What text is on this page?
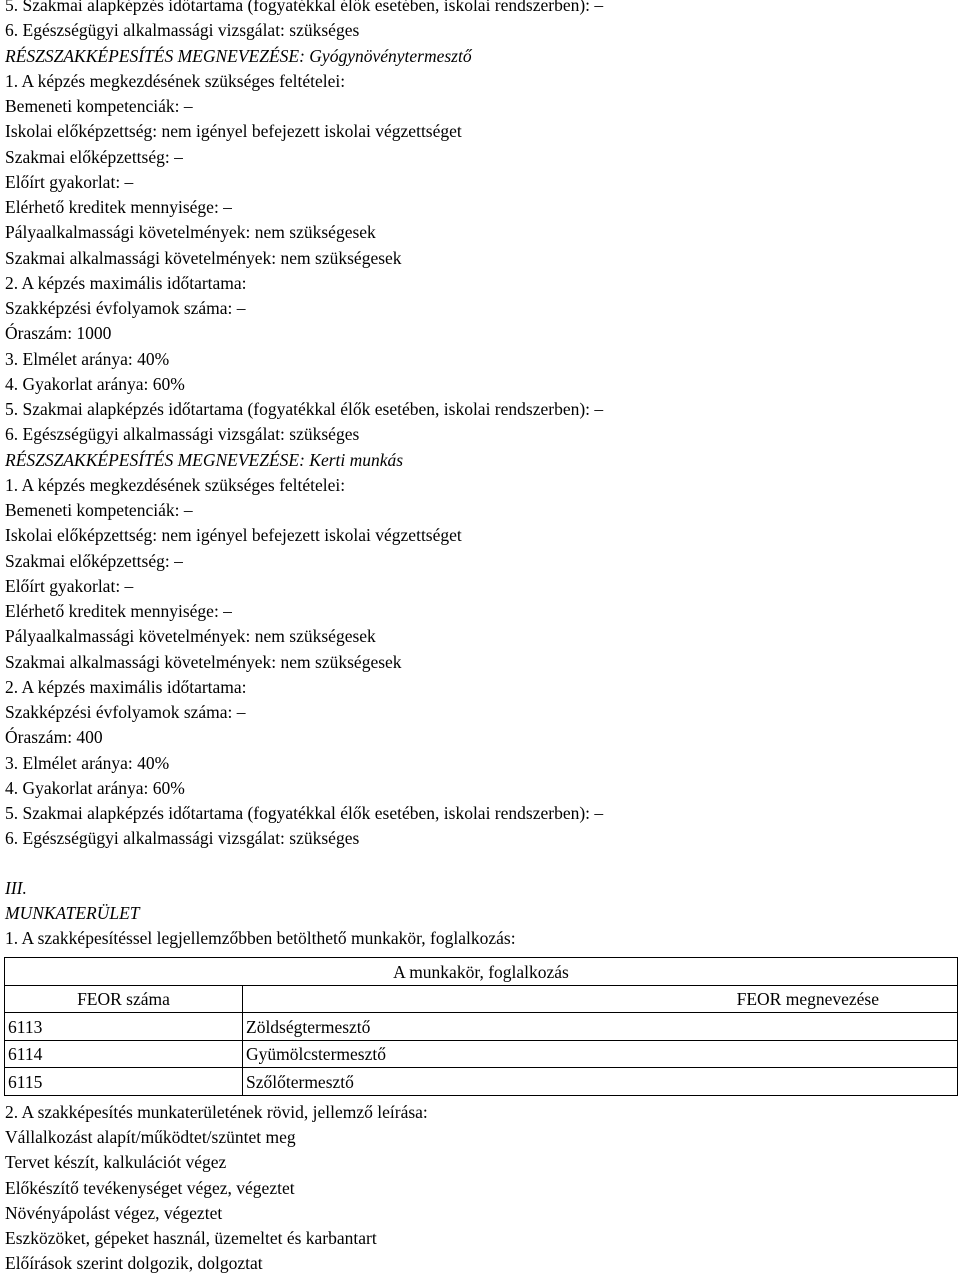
5. Szakmai alapképzés időtartama (fogyatékkal élők esetében, iskolai rendszerben): –
6. Egészségügyi alkalmassági vizsgálat: szükséges
RÉSZSZAKKÉPESÍTÉS MEGNEVEZÉSE: Gyógynövénytermesztő
1. A képzés megkezdésének szükséges feltételei:
Bemeneti kompetenciák: –
Iskolai előképzettség: nem igényel befejezett iskolai végzettséget
Szakmai előképzettség: –
Előírt gyakorlat: –
Elérhető kreditek mennyisége: –
Pályaalkalmassági követelmények: nem szükségesek
Szakmai alkalmassági követelmények: nem szükségesek
2. A képzés maximális időtartama:
Szakképzési évfolyamok száma: –
Óraszám: 1000
3. Elmélet aránya: 40%
4. Gyakorlat aránya: 60%
5. Szakmai alapképzés időtartama (fogyatékkal élők esetében, iskolai rendszerben): –
6. Egészségügyi alkalmassági vizsgálat: szükséges
RÉSZSZAKKÉPESÍTÉS MEGNEVEZÉSE: Kerti munkás
1. A képzés megkezdésének szükséges feltételei:
Bemeneti kompetenciák: –
Iskolai előképzettség: nem igényel befejezett iskolai végzettséget
Szakmai előképzettség: –
Előírt gyakorlat: –
Elérhető kreditek mennyisége: –
Pályaalkalmassági követelmények: nem szükségesek
Szakmai alkalmassági követelmények: nem szükségesek
2. A képzés maximális időtartama:
Szakképzési évfolyamok száma: –
Óraszám: 400
3. Elmélet aránya: 40%
4. Gyakorlat aránya: 60%
5. Szakmai alapképzés időtartama (fogyatékkal élők esetében, iskolai rendszerben): –
6. Egészségügyi alkalmassági vizsgálat: szükséges
III.
MUNKATERÜLET
1. A szakképesítéssel legjellemzőbben betölthető munkakör, foglalkozás:
A munkakör, foglalkozás	
FEOR száma	FEOR megnevezése
6113	Zöldségtermesztő
6114	Gyümölcstermesztő
6115	Szőlőtermesztő
2. A szakképesítés munkaterületének rövid, jellemző leírása:
Vállalkozást alapít/működtet/szüntet meg
Tervet készít, kalkulációt végez
Előkészítő tevékenységet végez, végeztet
Növényápolást végez, végeztet
Eszközöket, gépeket használ, üzemeltet és karbantart
Előírások szerint dolgozik, dolgoztat
